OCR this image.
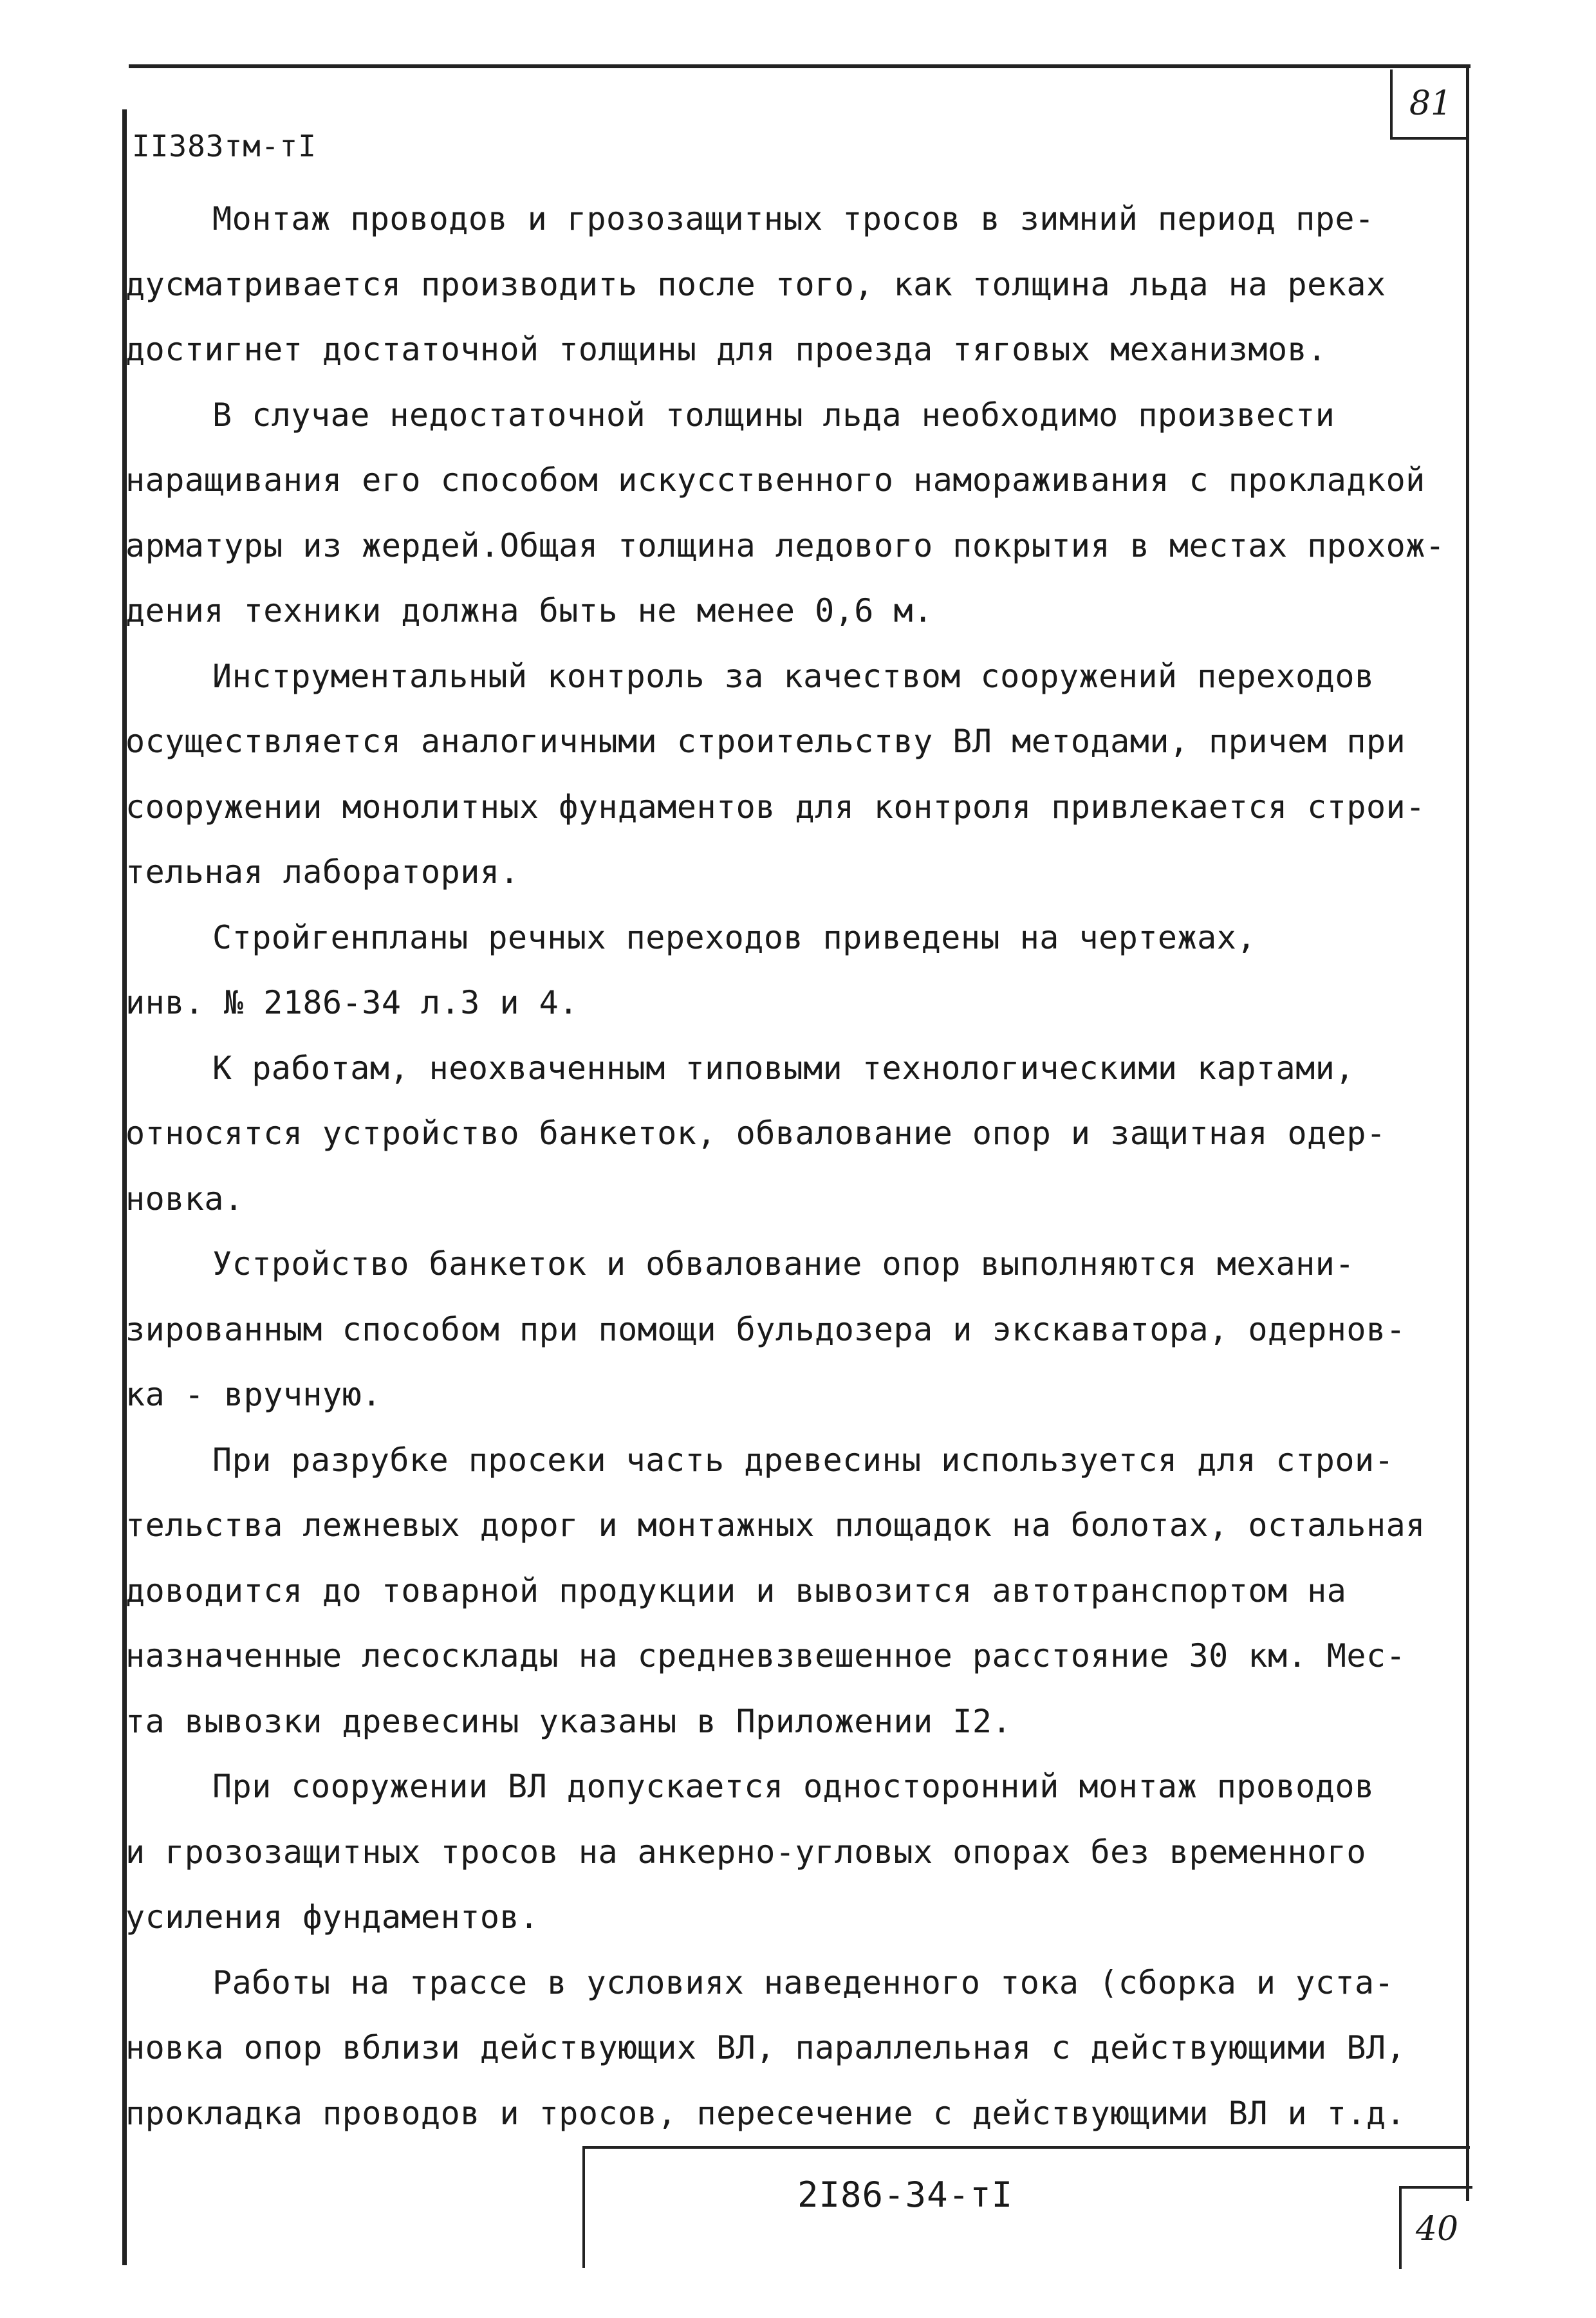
81
II383тм-тI

Монтаж проводов и грозозащитных тросов в зимний период пре-

дусматривается производить после того, как толщина льда на реках

достигнет достаточной толщины для проезда тяговых механизмов.

В случае недостаточной толщины льда необходимо произвести

наращивания его способом искусственного намораживания с прокладкой

арматуры из жердей.Общая толщина ледового покрытия в местах прохож-

дения техники должна быть не менее 0,6 м.

Инструментальный контроль за качеством сооружений переходов

осуществляется аналогичными строительству ВЛ методами, причем при

сооружении монолитных фундаментов для контроля привлекается строи-

тельная лаборатория.

Стройгенпланы речных переходов приведены на чертежах,

инв. № 2186-34 л.3 и 4.

К работам, неохваченным типовыми технологическими картами,

относятся устройство банкеток, обвалование опор и защитная одер-

новка.

Устройство банкеток и обвалование опор выполняются механи-

зированным способом при помощи бульдозера и экскаватора, одернов-

ка - вручную.

При разрубке просеки часть древесины используется для строи-

тельства лежневых дорог и монтажных площадок на болотах, остальная

доводится до товарной продукции и вывозится автотранспортом на

назначенные лесосклады на средневзвешенное расстояние 30 км. Мес-

та вывозки древесины указаны в Приложении I2.

При сооружении ВЛ допускается односторонний монтаж проводов

и грозозащитных тросов на анкерно-угловых опорах без временного

усиления фундаментов.

Работы на трассе в условиях наведенного тока (сборка и уста-

новка опор вблизи действующих ВЛ, параллельная с действующими ВЛ,

прокладка проводов и тросов, пересечение с действующими ВЛ и т.д.

2I86-34-тI
40
